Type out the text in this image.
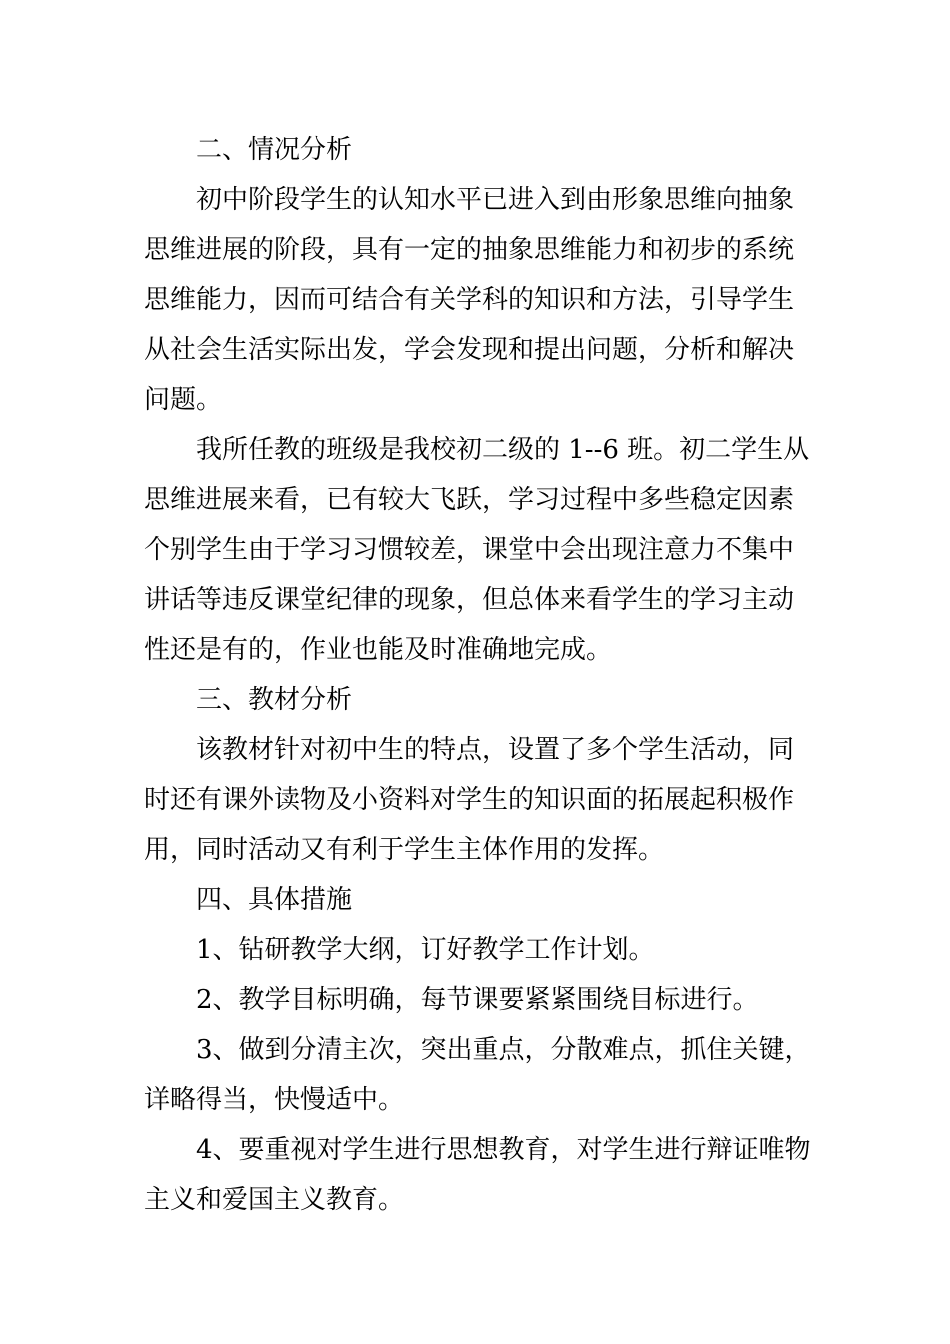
二、情况分析
初中阶段学生的认知水平已进入到由形象思维向抽象
思维进展的阶段，具有一定的抽象思维能力和初步的系统
思维能力，因而可结合有关学科的知识和方法，引导学生
从社会生活实际出发，学会发现和提出问题，分析和解决
问题。
我所任教的班级是我校初二级的 1--6 班。初二学生从
思维进展来看，已有较大飞跃，学习过程中多些稳定因素
个别学生由于学习习惯较差，课堂中会出现注意力不集中
讲话等违反课堂纪律的现象，但总体来看学生的学习主动
性还是有的，作业也能及时准确地完成。
三、教材分析
该教材针对初中生的特点，设置了多个学生活动，同
时还有课外读物及小资料对学生的知识面的拓展起积极作
用，同时活动又有利于学生主体作用的发挥。
四、具体措施
1、钻研教学大纲，订好教学工作计划。
2、教学目标明确，每节课要紧紧围绕目标进行。
3、做到分清主次，突出重点，分散难点，抓住关键，
详略得当，快慢适中。
4、要重视对学生进行思想教育，对学生进行辩证唯物
主义和爱国主义教育。
